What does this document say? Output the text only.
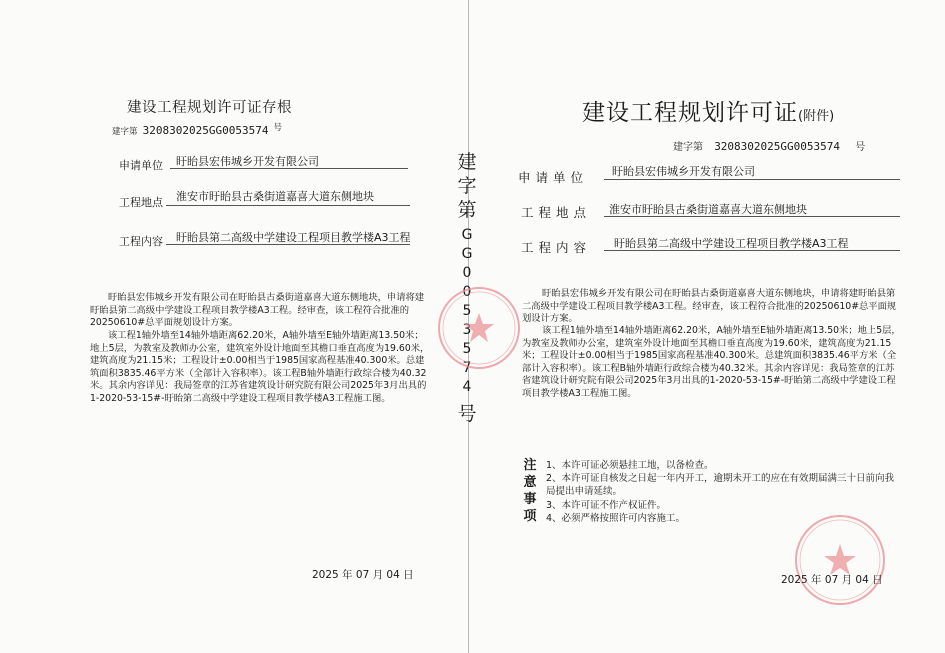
建设工程规划许可证存根
建字第 3208302025GG0053574 $^号$
申请单位 盱眙县宏伟城乡开发有限公司
工程地点 淮安市盱眙县古桑街道嘉喜大道东侧地块
工程内容 盱眙县第二高级中学建设工程项目教学楼A3工程
盱眙县宏伟城乡开发有限公司在盱眙县古桑街道嘉喜大道东侧地块，申请将建盱眙县第二高级中学建设工程项目教学楼A3工程。经审查，该工程符合批准的20250610#总平面规划设计方案。
该工程1轴外墙至14轴外墙距离62.20米，A轴外墙至E轴外墙距离13.50米；地上5层，为教室及教师办公室，建筑室外设计地面至其檐口垂直高度为19.60米，建筑高度为21.15米；工程设计±0.00相当于1985国家高程基准40.300米。总建筑面积3835.46平方米（全部计入容积率）。该工程B轴外墙距行政综合楼为40.32米。其余内容详见：我局签章的江苏省建筑设计研究院有限公司2025年3月出具的1-2020-53-15#-盱眙第二高级中学建设工程项目教学楼A3工程施工图。
2025 年 07 月 04 日
建
字
第
G
G
0
0
5
3
5
7
4
号
建设工程规划许可证(附件)
建字第 3208302025GG0053574 号
申请单位 盱眙县宏伟城乡开发有限公司
工程地点 淮安市盱眙县古桑街道嘉喜大道东侧地块
工程内容 盱眙县第二高级中学建设工程项目教学楼A3工程
盱眙县宏伟城乡开发有限公司在盱眙县古桑街道嘉喜大道东侧地块，申请将建盱眙县第二高级中学建设工程项目教学楼A3工程。经审查，该工程符合批准的20250610#总平面规划设计方案。
该工程1轴外墙至14轴外墙距离62.20米，A轴外墙至E轴外墙距离13.50米；地上5层，为教室及教师办公室，建筑室外设计地面至其檐口垂直高度为19.60米，建筑高度为21.15米；工程设计±0.00相当于1985国家高程基准40.300米。总建筑面积3835.46平方米（全部计入容积率）。该工程B轴外墙距行政综合楼为40.32米。其余内容详见：我局签章的江苏省建筑设计研究院有限公司2025年3月出具的1-2020-53-15#-盱眙第二高级中学建设工程项目教学楼A3工程施工图。
注
意
事
项
1、本许可证必须悬挂工地，以备检查。
2、本许可证自核发之日起一年内开工，逾期未开工的应在有效期届满三十日前向我
局提出申请延续。
3、本许可证不作产权证件。
4、必须严格按照许可内容施工。
2025 年 07 月 04 日
